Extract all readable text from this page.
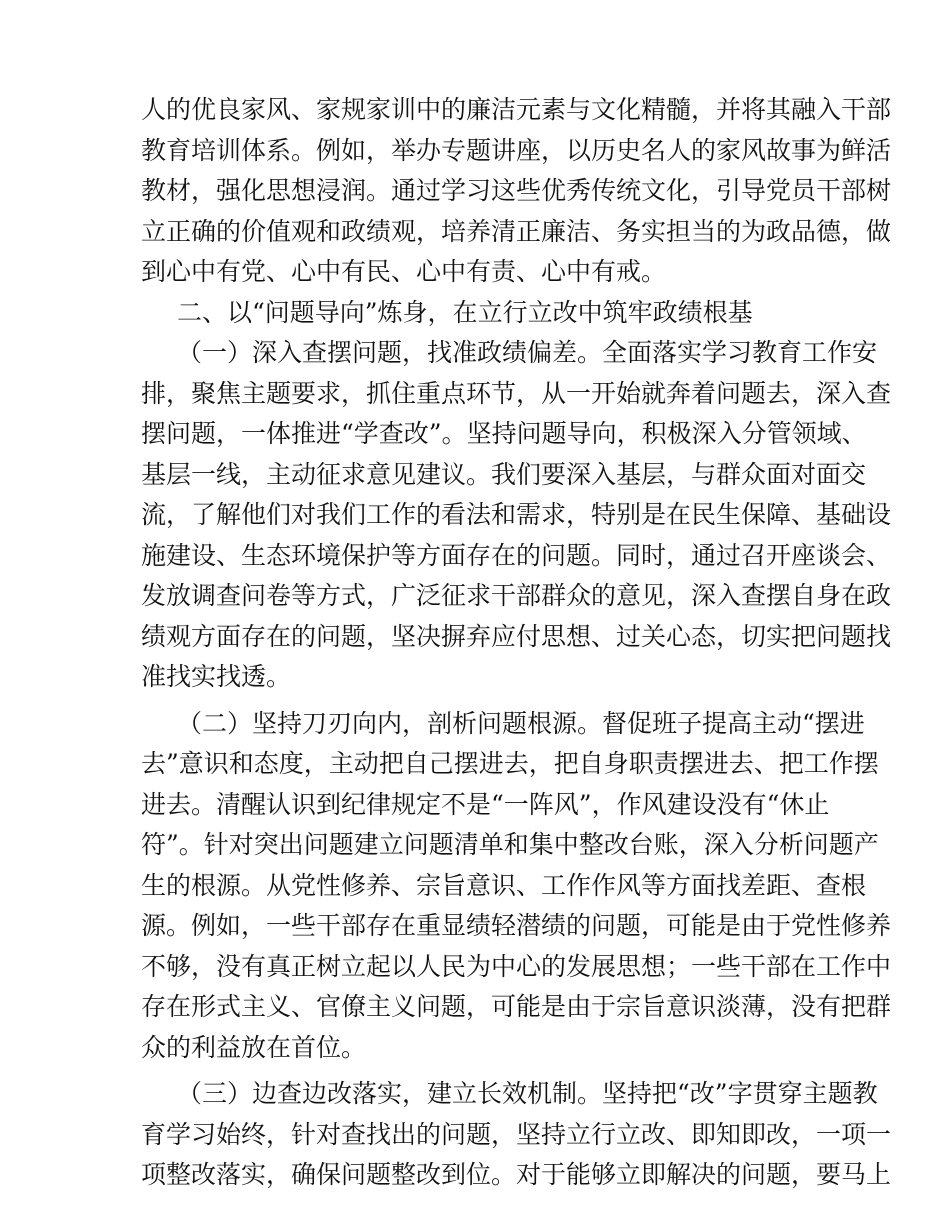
人的优良家风、家规家训中的廉洁元素与文化精髓，并将其融入干部
教育培训体系。例如，举办专题讲座，以历史名人的家风故事为鲜活
教材，强化思想浸润。通过学习这些优秀传统文化，引导党员干部树
立正确的价值观和政绩观，培养清正廉洁、务实担当的为政品德，做
到心中有党、心中有民、心中有责、心中有戒。
二、以“问题导向”炼身，在立行立改中筑牢政绩根基
（一）深入查摆问题，找准政绩偏差。全面落实学习教育工作安
排，聚焦主题要求，抓住重点环节，从一开始就奔着问题去，深入查
摆问题，一体推进“学查改”。坚持问题导向，积极深入分管领域、
基层一线，主动征求意见建议。我们要深入基层，与群众面对面交
流，了解他们对我们工作的看法和需求，特别是在民生保障、基础设
施建设、生态环境保护等方面存在的问题。同时，通过召开座谈会、
发放调查问卷等方式，广泛征求干部群众的意见，深入查摆自身在政
绩观方面存在的问题，坚决摒弃应付思想、过关心态，切实把问题找
准找实找透。
（二）坚持刀刃向内，剖析问题根源。督促班子提高主动“摆进
去”意识和态度，主动把自己摆进去，把自身职责摆进去、把工作摆
进去。清醒认识到纪律规定不是“一阵风”，作风建设没有“休止
符”。针对突出问题建立问题清单和集中整改台账，深入分析问题产
生的根源。从党性修养、宗旨意识、工作作风等方面找差距、查根
源。例如，一些干部存在重显绩轻潜绩的问题，可能是由于党性修养
不够，没有真正树立起以人民为中心的发展思想；一些干部在工作中
存在形式主义、官僚主义问题，可能是由于宗旨意识淡薄，没有把群
众的利益放在首位。
（三）边查边改落实，建立长效机制。坚持把“改”字贯穿主题教
育学习始终，针对查找出的问题，坚持立行立改、即知即改，一项一
项整改落实，确保问题整改到位。对于能够立即解决的问题，要马上
